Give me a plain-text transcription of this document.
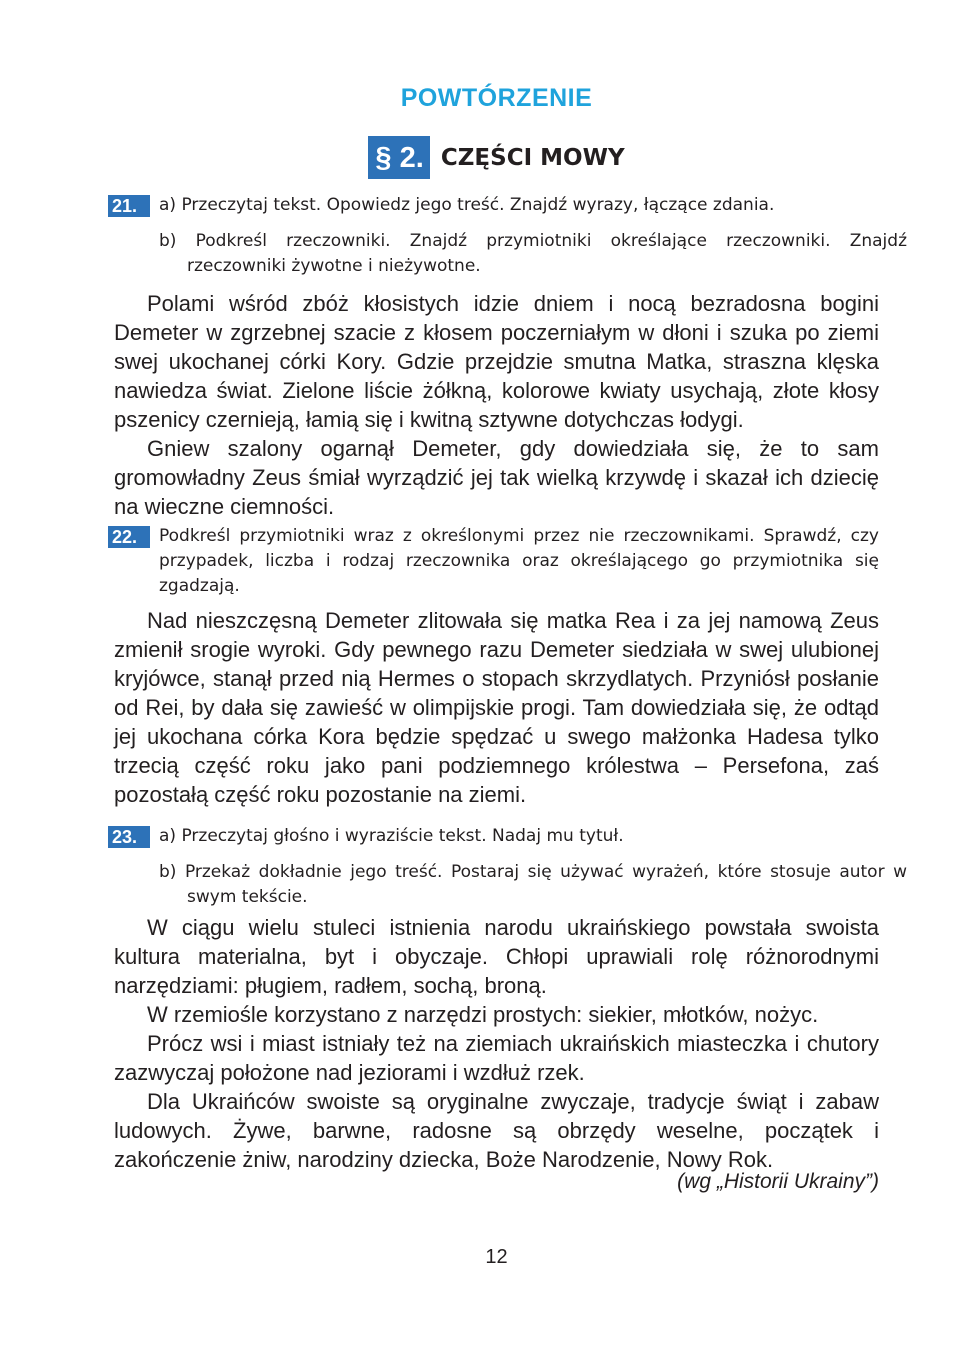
POWTÓRZENIE
§ 2. CZĘŚCI MOWY
21.	a) Przeczytaj tekst. Opowiedz jego treść. Znajdź wyrazy, łączące zdania.
b) Podkreśl rzeczowniki. Znajdź przymiotniki określające rzeczowniki. Znajdź rzeczowniki żywotne i nieżywotne.

Polami wśród zbóż kłosistych idzie dniem i nocą bezradosna bogini Demeter w zgrzebnej szacie z kłosem poczerniałym w dłoni i szuka po ziemi swej ukochanej córki Kory. Gdzie przejdzie smutna Matka, straszna klęska nawiedza świat. Zielone liście żółkną, kolorowe kwiaty usychają, złote kłosy pszenicy czernieją, łamią się i kwitną sztywne dotychczas łodygi.

Gniew szalony ogarnął Demeter, gdy dowiedziała się, że to sam gromowładny Zeus śmiał wyrządzić jej tak wielką krzywdę i skazał ich dziecię na wieczne ciemności.

22.	Podkreśl przymiotniki wraz z określonymi przez nie rzeczownikami. Sprawdź, czy przypadek, liczba i rodzaj rzeczownika oraz określającego go przymiotnika się zgadzają.

Nad nieszczęsną Demeter zlitowała się matka Rea i za jej namową Zeus zmienił srogie wyroki. Gdy pewnego razu Demeter siedziała w swej ulubionej kryjówce, stanął przed nią Hermes o stopach skrzydlatych. Przyniósł posłanie od Rei, by dała się zawieść w olimpijskie progi. Tam dowiedziała się, że odtąd jej ukochana córka Kora będzie spędzać u swego małżonka Hadesa tylko trzecią część roku jako pani podziemnego królestwa – Persefona, zaś pozostałą część roku pozostanie na ziemi.

23.	a) Przeczytaj głośno i wyraziście tekst. Nadaj mu tytuł.
b) Przekaż dokładnie jego treść. Postaraj się używać wyrażeń, które stosuje autor w swym tekście.

W ciągu wielu stuleci istnienia narodu ukraińskiego powstała swoista kultura materialna, byt i obyczaje. Chłopi uprawiali rolę różnorodnymi narzędziami: pługiem, radłem, sochą, broną.

W rzemiośle korzystano z narzędzi prostych: siekier, młotków, nożyc.

Prócz wsi i miast istniały też na ziemiach ukraińskich miasteczka i chutory zazwyczaj położone nad jeziorami i wzdłuż rzek.

Dla Ukraińców swoiste są oryginalne zwyczaje, tradycje świąt i zabaw ludowych. Żywe, barwne, radosne są obrzędy weselne, początek i zakończenie żniw, narodziny dziecka, Boże Narodzenie, Nowy Rok.

(wg „Historii Ukrainy”)
12
